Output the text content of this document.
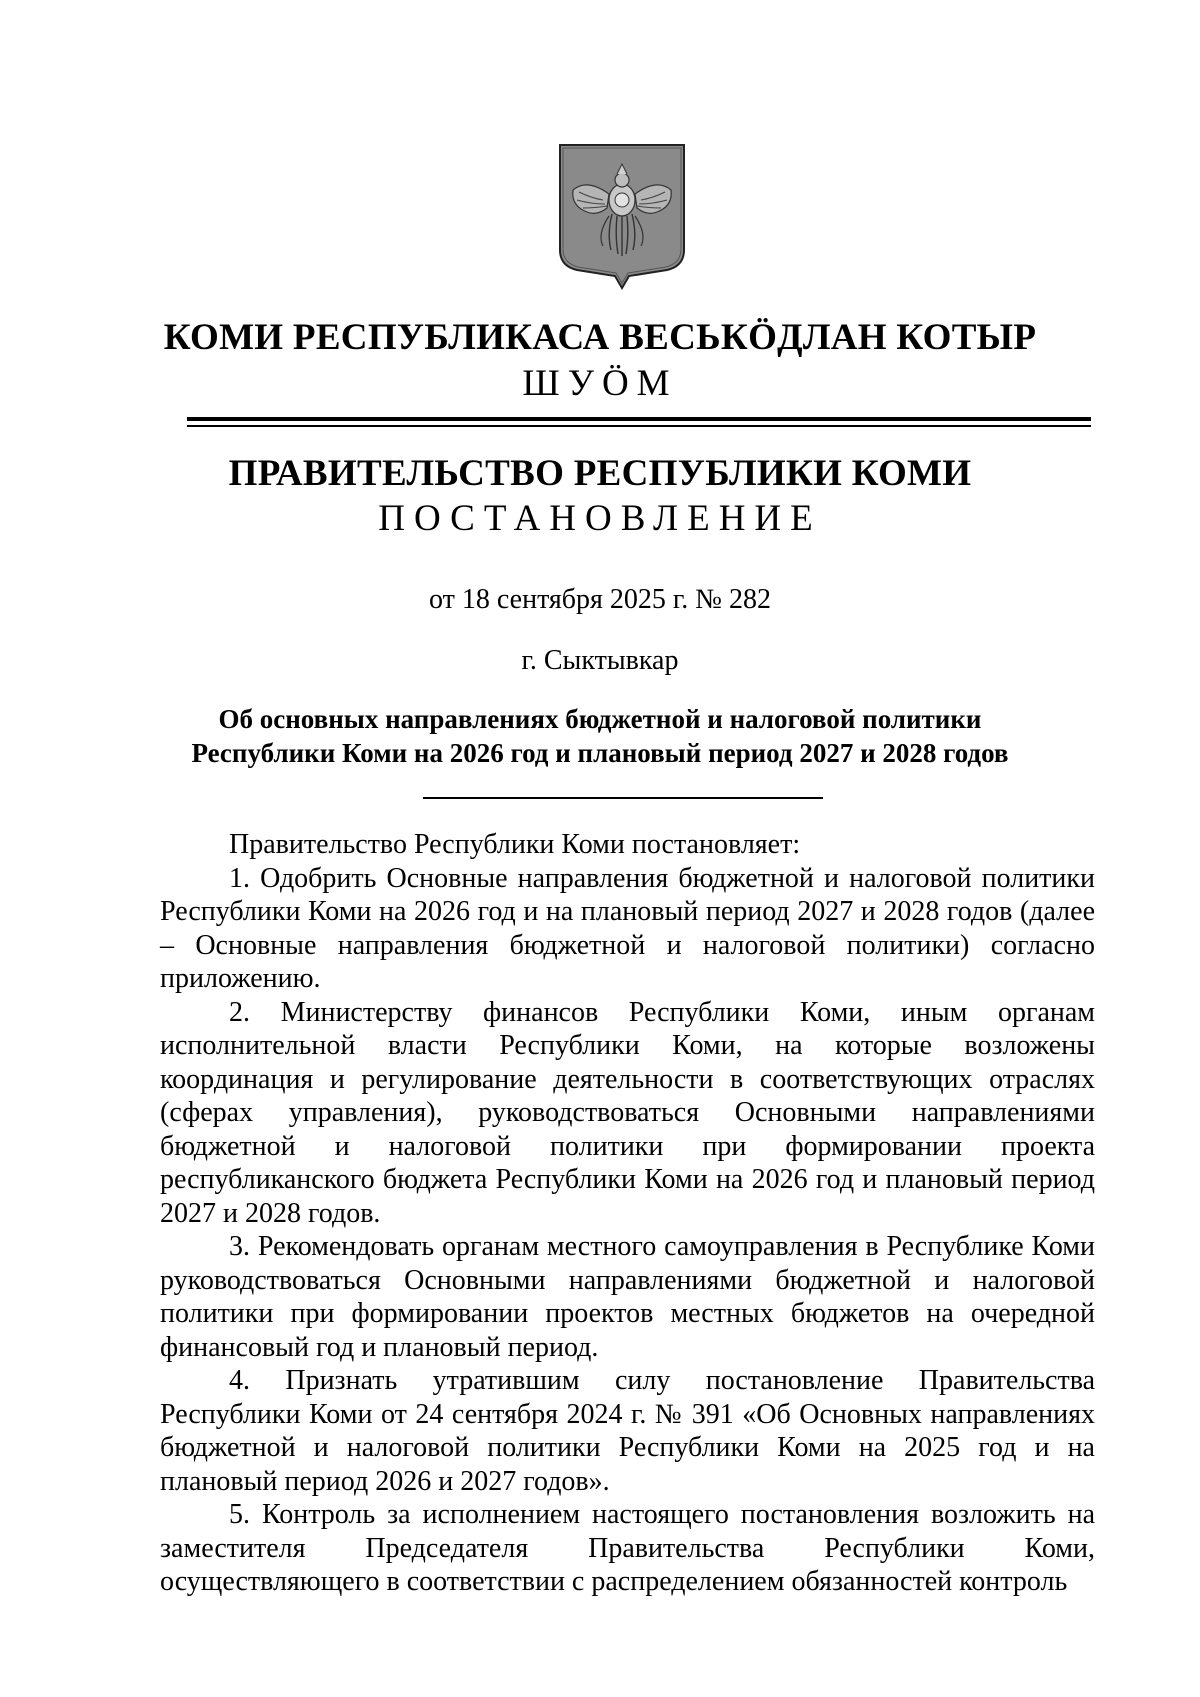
КОМИ РЕСПУБЛИКАСА ВЕСЬКӦДЛАН КОТЫР
ШУӦМ
ПРАВИТЕЛЬСТВО РЕСПУБЛИКИ КОМИ
ПОСТАНОВЛЕНИЕ
от 18 сентября 2025 г. № 282
г. Сыктывкар
Об основных направлениях бюджетной и налоговой политики
Республики Коми на 2026 год и плановый период 2027 и 2028 годов

Правительство Республики Коми постановляет:

1. Одобрить Основные направления бюджетной и налоговой политики Республики Коми на 2026 год и на плановый период 2027 и 2028 годов (далее – Основные направления бюджетной и налоговой политики) согласно приложению.

2. Министерству финансов Республики Коми, иным органам исполнительной власти Республики Коми, на которые возложены координация и регулирование деятельности в соответствующих отраслях (сферах управления), руководствоваться Основными направлениями бюджетной и налоговой политики при формировании проекта республиканского бюджета Республики Коми на 2026 год и плановый период 2027 и 2028 годов.

3. Рекомендовать органам местного самоуправления в Республике Коми руководствоваться Основными направлениями бюджетной и налоговой политики при формировании проектов местных бюджетов на очередной финансовый год и плановый период.

4. Признать утратившим силу постановление Правительства Республики Коми от 24 сентября 2024 г. № 391 «Об Основных направлениях бюджетной и налоговой политики Республики Коми на 2025 год и на плановый период 2026 и 2027 годов».

5. Контроль за исполнением настоящего постановления возложить на заместителя Председателя Правительства Республики Коми, осуществляющего в соответствии с распределением обязанностей контроль
